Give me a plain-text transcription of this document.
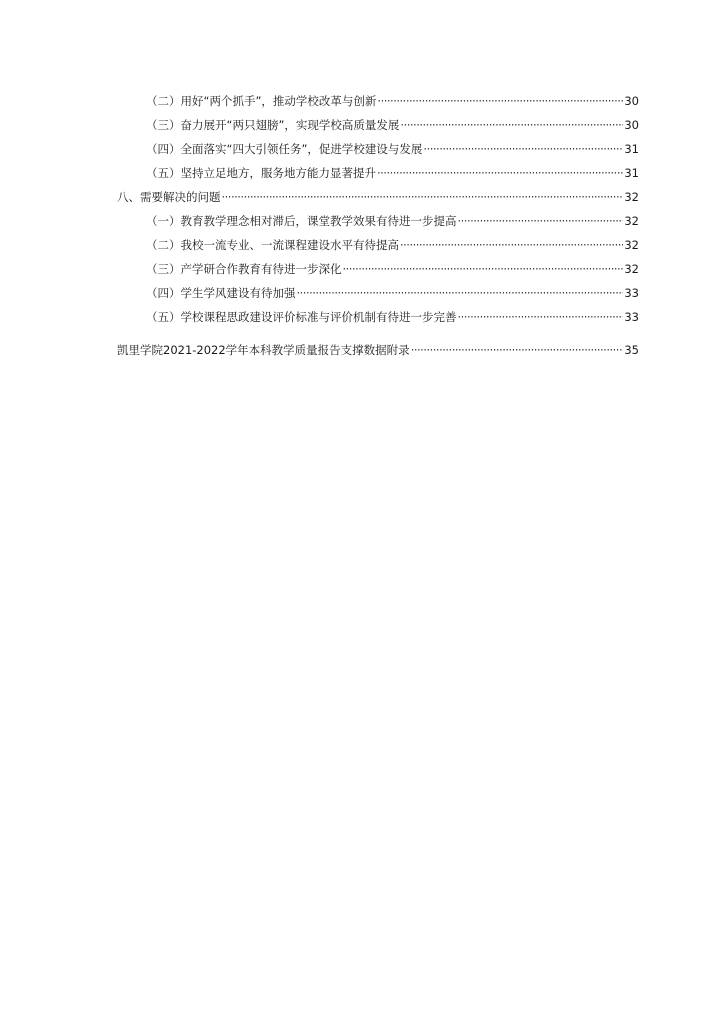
（二）用好“两个抓手”，推动学校改革与创新 ·····	30
（三）奋力展开“两只翅膀”，实现学校高质量发展 ·····	30
（四）全面落实“四大引领任务”，促进学校建设与发展 ·····	31
（五）坚持立足地方，服务地方能力显著提升 ·····	31
八、需要解决的问题 ·····	32
（一）教育教学理念相对滞后，课堂教学效果有待进一步提高 ·····	32
（二）我校一流专业、一流课程建设水平有待提高 ·····	32
（三）产学研合作教育有待进一步深化 ·····	32
（四）学生学风建设有待加强 ·····	33
（五）学校课程思政建设评价标准与评价机制有待进一步完善 ·····	33
凯里学院2021-2022学年本科教学质量报告支撑数据附录 ·····	35
